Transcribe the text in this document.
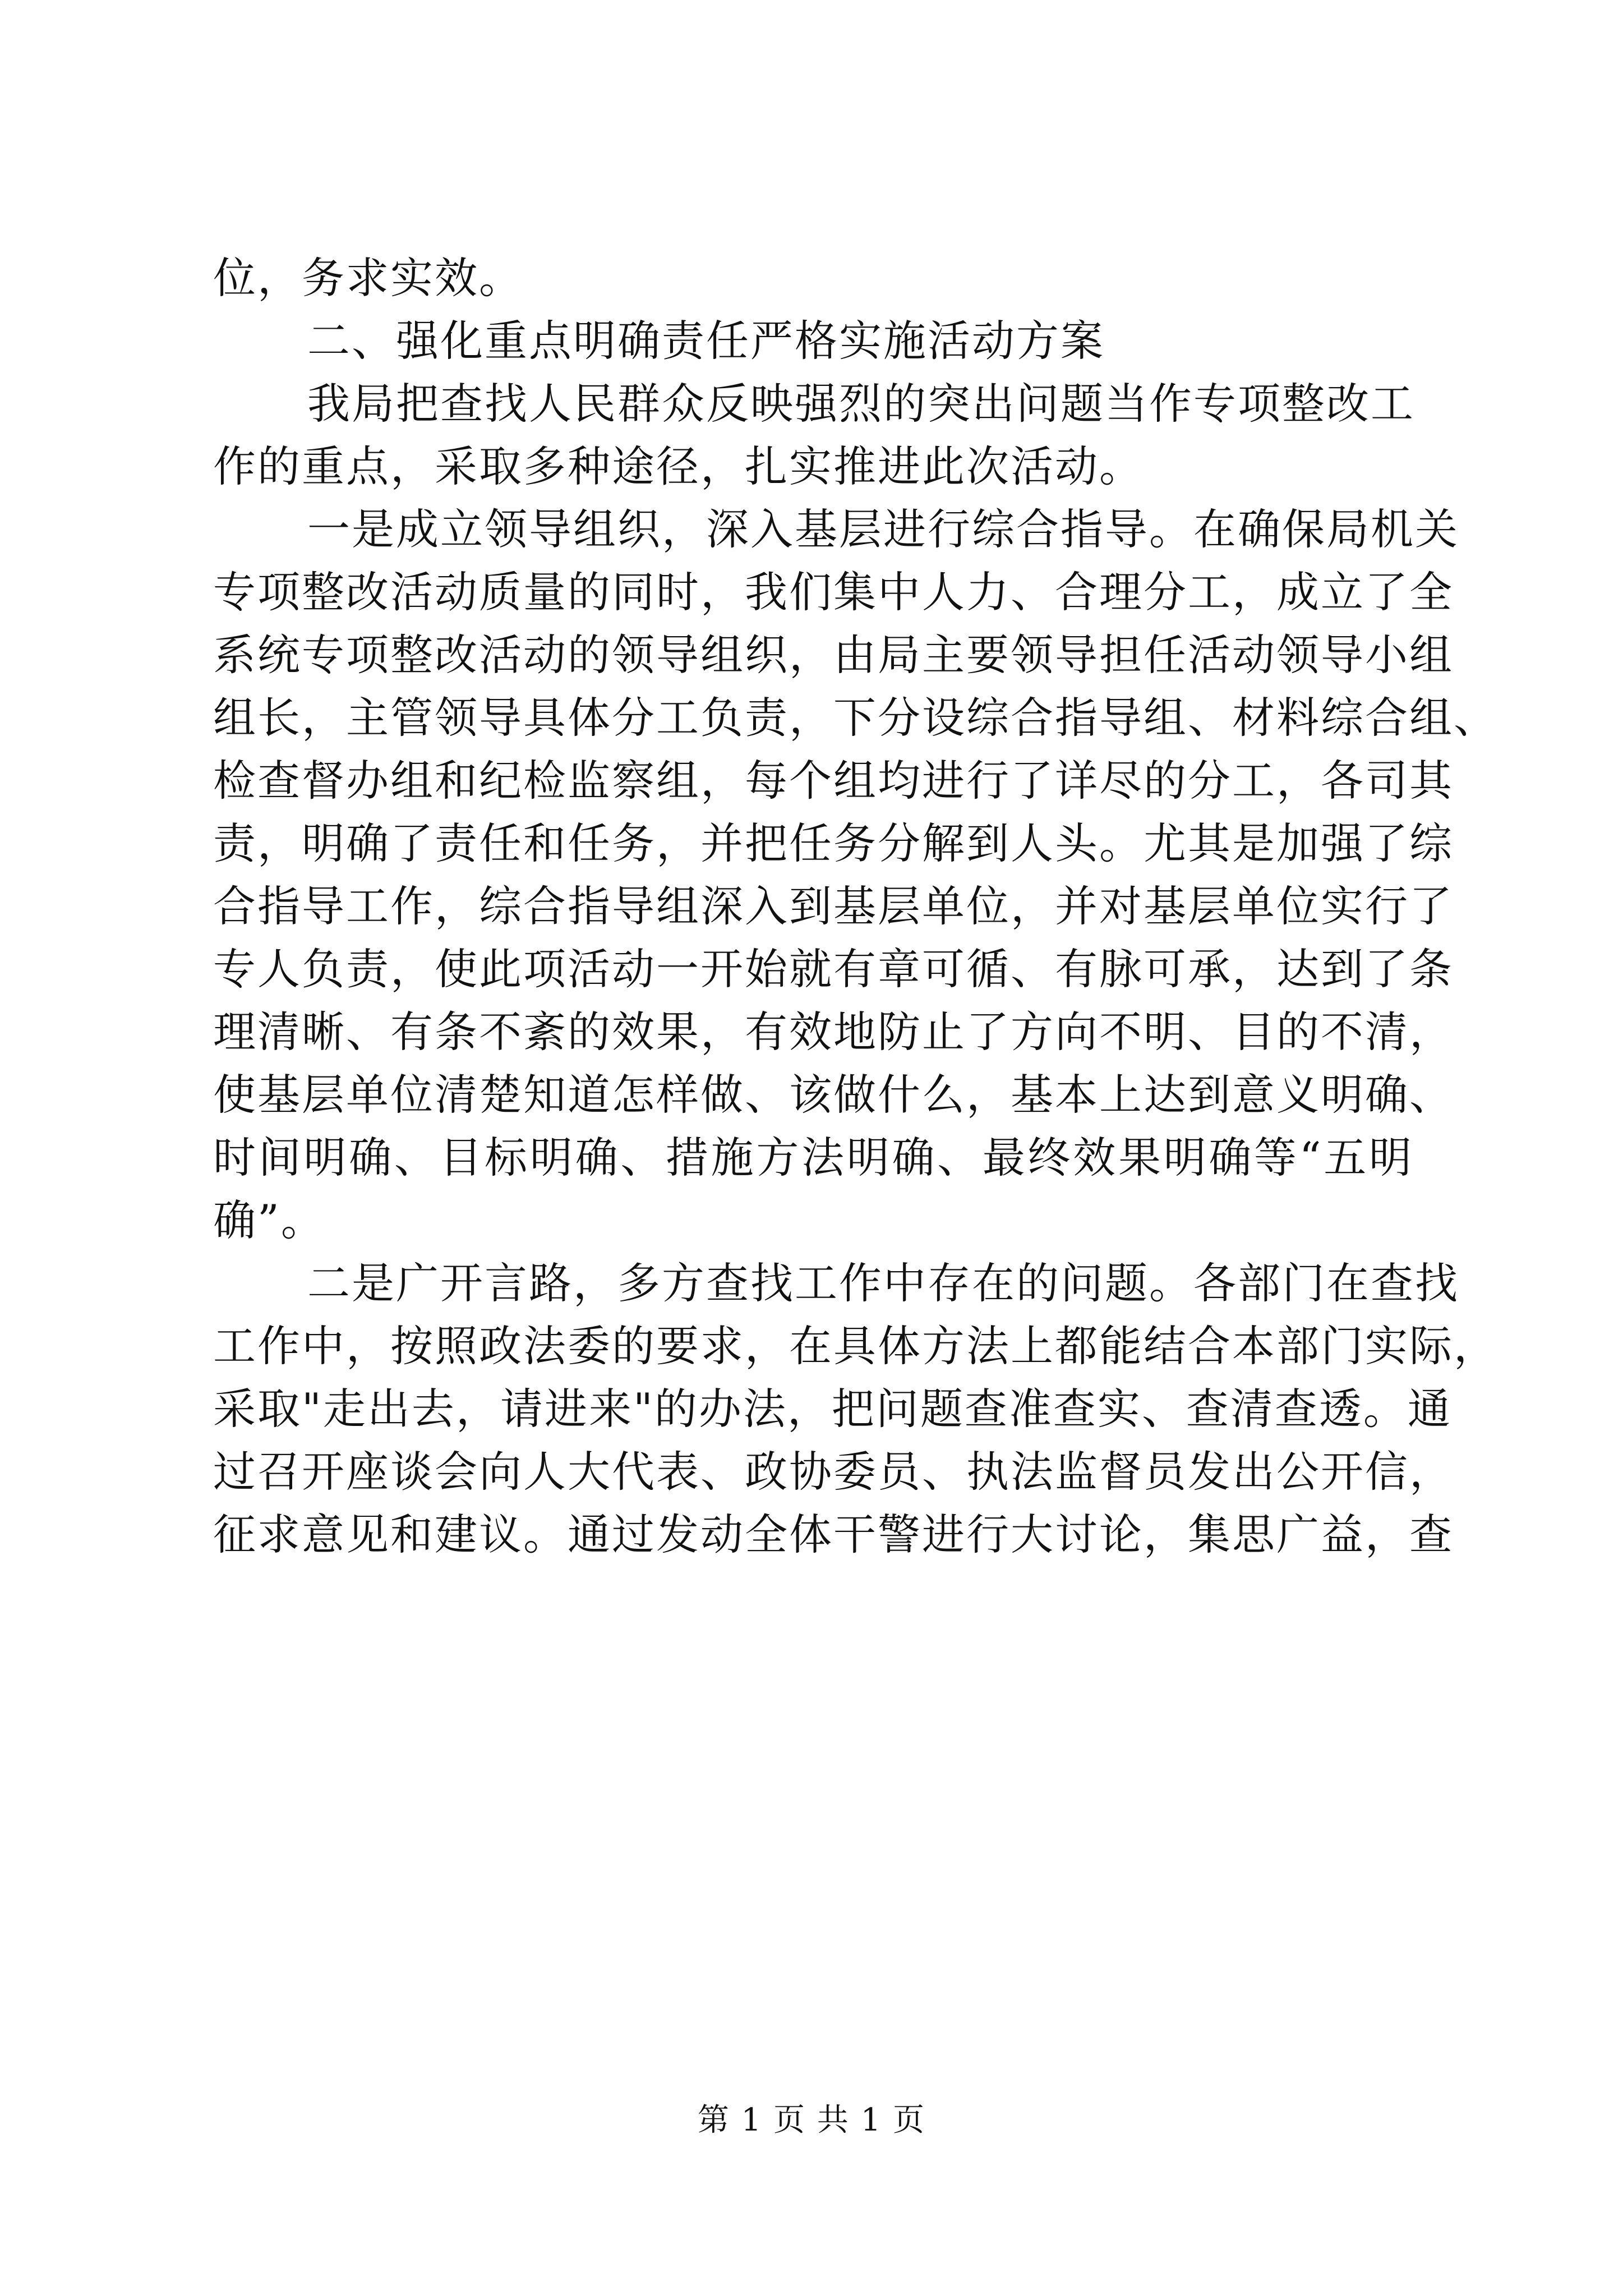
位，务求实效。
二、强化重点明确责任严格实施活动方案
我局把查找人民群众反映强烈的突出问题当作专项整改工
作的重点，采取多种途径，扎实推进此次活动。
一是成立领导组织，深入基层进行综合指导。在确保局机关
专项整改活动质量的同时，我们集中人力、合理分工，成立了全
系统专项整改活动的领导组织，由局主要领导担任活动领导小组
组长，主管领导具体分工负责，下分设综合指导组、材料综合组、
检查督办组和纪检监察组，每个组均进行了详尽的分工，各司其
责，明确了责任和任务，并把任务分解到人头。尤其是加强了综
合指导工作，综合指导组深入到基层单位，并对基层单位实行了
专人负责，使此项活动一开始就有章可循、有脉可承，达到了条
理清晰、有条不紊的效果，有效地防止了方向不明、目的不清，
使基层单位清楚知道怎样做、该做什么，基本上达到意义明确、
时间明确、目标明确、措施方法明确、最终效果明确等“五明
确”。
二是广开言路，多方查找工作中存在的问题。各部门在查找
工作中，按照政法委的要求，在具体方法上都能结合本部门实际，
采取"走出去，请进来"的办法，把问题查准查实、查清查透。通
过召开座谈会向人大代表、政协委员、执法监督员发出公开信，
征求意见和建议。通过发动全体干警进行大讨论，集思广益，查
第 1 页 共 1 页
